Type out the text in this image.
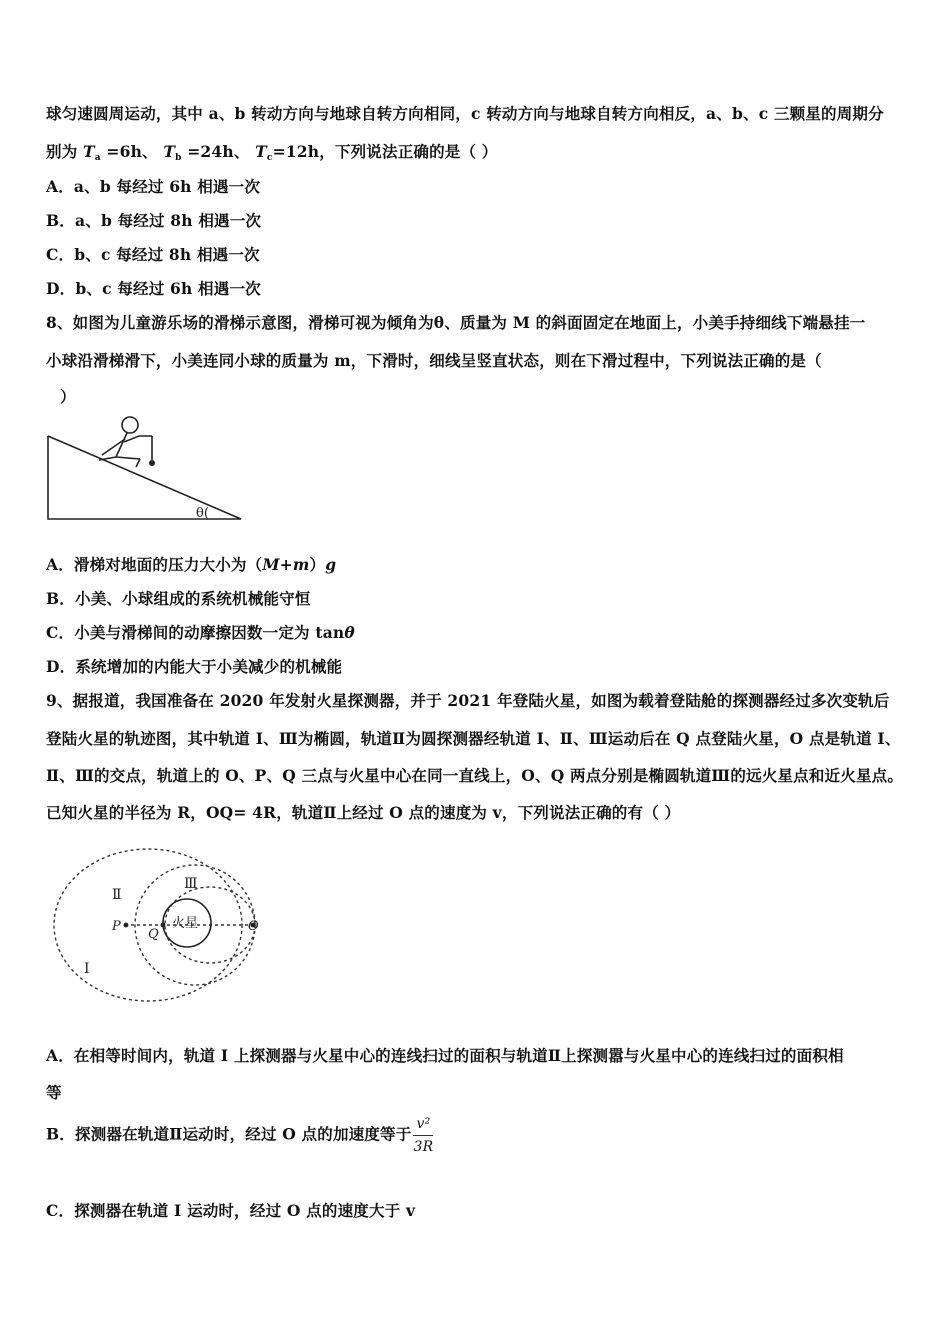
球匀速圆周运动，其中 a、b 转动方向与地球自转方向相同，c 转动方向与地球自转方向相反，a、b、c 三颗星的周期分
别为 $T_a =6h$、 $T_b =24h$、 $T_c=12h$，下列说法正确的是（ ）
A．a、b 每经过 6h 相遇一次
B．a、b 每经过 8h 相遇一次
C．b、c 每经过 8h 相遇一次
D．b、c 每经过 6h 相遇一次
8、如图为儿童游乐场的滑梯示意图，滑梯可视为倾角为θ、质量为 M 的斜面固定在地面上，小美手持细线下端悬挂一
小球沿滑梯滑下，小美连同小球的质量为 m，下滑时，细线呈竖直状态，则在下滑过程中，下列说法正确的是（
）
θ(
A．滑梯对地面的压力大小为（M+m）g
B．小美、小球组成的系统机械能守恒
C．小美与滑梯间的动摩擦因数一定为 tanθ
D．系统增加的内能大于小美减少的机械能
9、据报道，我国准备在 2020 年发射火星探测器，并于 2021 年登陆火星，如图为载着登陆舱的探测器经过多次变轨后
登陆火星的轨迹图，其中轨道 I、Ⅲ为椭圆，轨道Ⅱ为圆探测器经轨道 I、Ⅱ、Ⅲ运动后在 Q 点登陆火星，O 点是轨道 I、
Ⅱ、Ⅲ的交点，轨道上的 O、P、Q 三点与火星中心在同一直线上，O、Q 两点分别是椭圆轨道Ⅲ的远火星点和近火星点。
已知火星的半径为 R，OQ= 4R，轨道Ⅱ上经过 O 点的速度为 v，下列说法正确的有（ ）
Ⅱ
Ⅲ
I
P
Q
O
火星
A．在相等时间内，轨道 I 上探测器与火星中心的连线扫过的面积与轨道Ⅱ上探测嚣与火星中心的连线扫过的面积相
等
B．探测器在轨道Ⅱ运动时，经过 O 点的加速度等于 $\frac{\text{v²}}{3R}$
C．探测器在轨道 I 运动时，经过 O 点的速度大于 v
